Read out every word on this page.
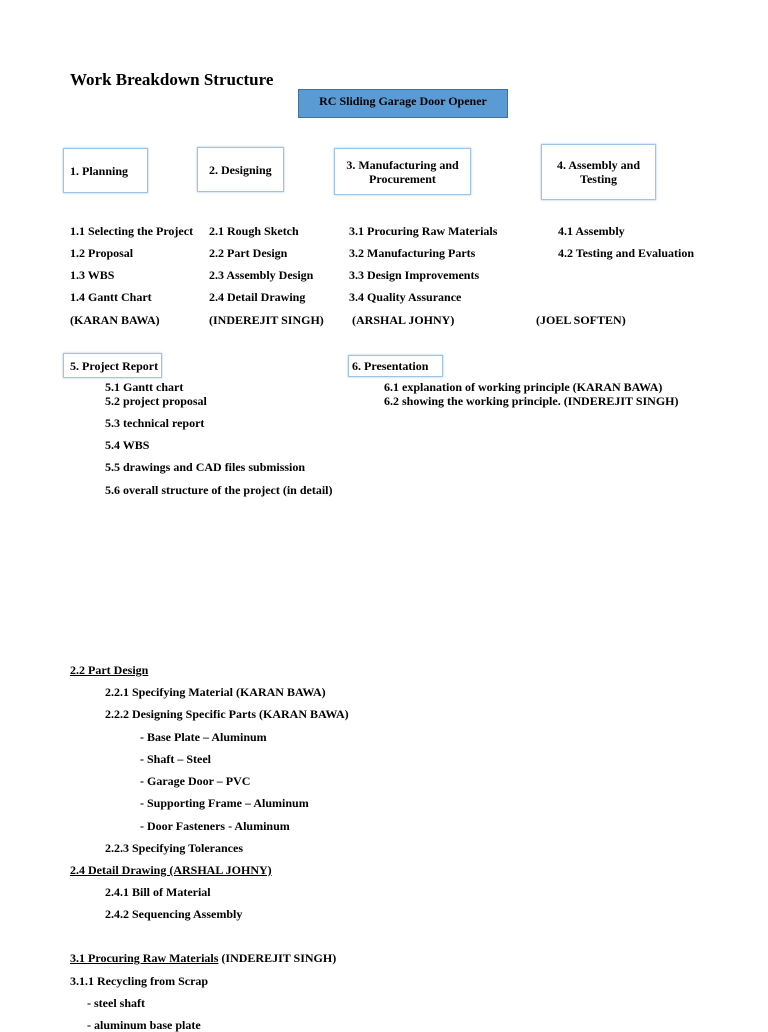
Work Breakdown Structure
RC Sliding Garage Door Opener
1. Planning	2. Designing	3. Manufacturing and
Procurement
4. Assembly and
Testing
1.1 Selecting the Project
1.2 Proposal
1.3 WBS
1.4 Gantt Chart
(KARAN BAWA)
2.1 Rough Sketch
2.2 Part Design
2.3 Assembly Design
2.4 Detail Drawing
(INDEREJIT SINGH)
3.1 Procuring Raw Materials
3.2 Manufacturing Parts
3.3 Design Improvements
3.4 Quality Assurance
(ARSHAL JOHNY)
4.1 Assembly
4.2 Testing and Evaluation
(JOEL SOFTEN)
5. Project Report
5.1 Gantt chart
5.2 project proposal
5.3 technical report
5.4 WBS
5.5 drawings and CAD files submission
5.6 overall structure of the project (in detail)
6. Presentation
6.1 explanation of working principle (KARAN BAWA)
6.2 showing the working principle. (INDEREJIT SINGH)
2.2 Part Design
2.2.1 Specifying Material (KARAN BAWA)
2.2.2 Designing Specific Parts (KARAN BAWA)
- Base Plate – Aluminum
- Shaft – Steel
- Garage Door – PVC
- Supporting Frame – Aluminum
- Door Fasteners - Aluminum
2.2.3 Specifying Tolerances
2.4 Detail Drawing (ARSHAL JOHNY)
2.4.1 Bill of Material
2.4.2 Sequencing Assembly
3.1 Procuring Raw Materials (INDEREJIT SINGH)
3.1.1 Recycling from Scrap
- steel shaft
- aluminum base plate
